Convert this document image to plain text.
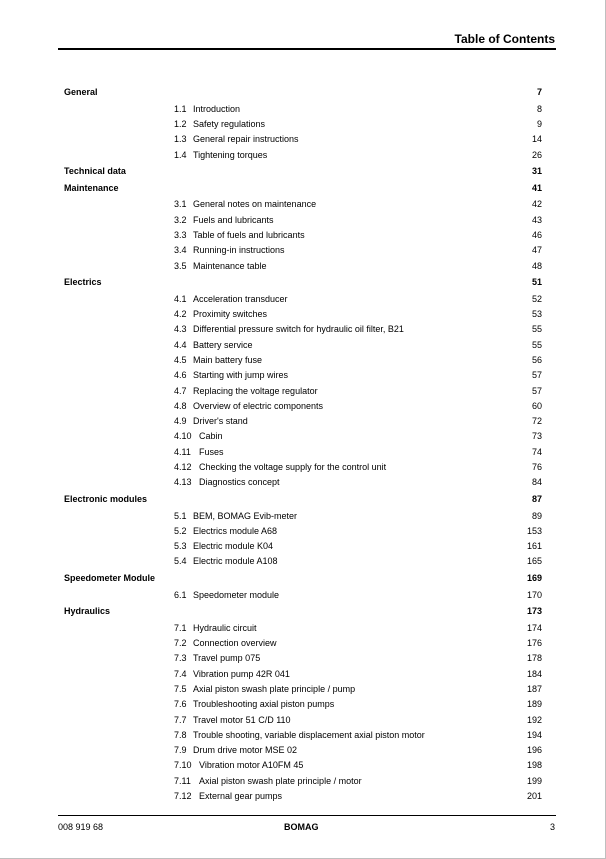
Table of Contents
General	7
1.1 Introduction	8
1.2 Safety regulations	9
1.3 General repair instructions	14
1.4 Tightening torques	26
Technical data	31
Maintenance	41
3.1 General notes on maintenance	42
3.2 Fuels and lubricants	43
3.3 Table of fuels and lubricants	46
3.4 Running-in instructions	47
3.5 Maintenance table	48
Electrics	51
4.1 Acceleration transducer	52
4.2 Proximity switches	53
4.3 Differential pressure switch for hydraulic oil filter, B21	55
4.4 Battery service	55
4.5 Main battery fuse	56
4.6 Starting with jump wires	57
4.7 Replacing the voltage regulator	57
4.8 Overview of electric components	60
4.9 Driver's stand	72
4.10 Cabin	73
4.11 Fuses	74
4.12 Checking the voltage supply for the control unit	76
4.13 Diagnostics concept	84
Electronic modules	87
5.1 BEM, BOMAG Evib-meter	89
5.2 Electrics module A68	153
5.3 Electric module K04	161
5.4 Electric module A108	165
Speedometer Module	169
6.1 Speedometer module	170
Hydraulics	173
7.1 Hydraulic circuit	174
7.2 Connection overview	176
7.3 Travel pump 075	178
7.4 Vibration pump 42R 041	184
7.5 Axial piston swash plate principle / pump	187
7.6 Troubleshooting axial piston pumps	189
7.7 Travel motor 51 C/D 110	192
7.8 Trouble shooting, variable displacement axial piston motor	194
7.9 Drum drive motor MSE 02	196
7.10 Vibration motor A10FM 45	198
7.11 Axial piston swash plate principle / motor	199
7.12 External gear pumps	201
008 919 68	BOMAG	3
